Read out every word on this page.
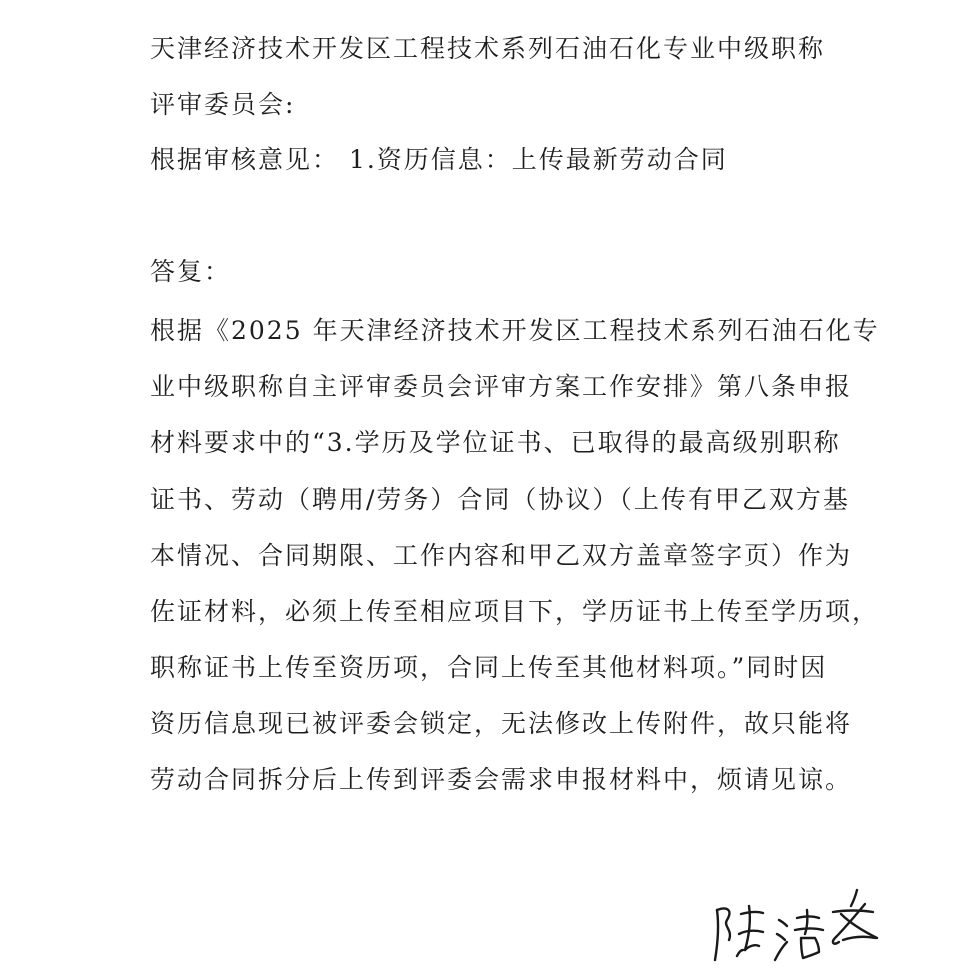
天津经济技术开发区工程技术系列石油石化专业中级职称
评审委员会:
根据审核意见： 1.资历信息：上传最新劳动合同
答复：
根据《2025 年天津经济技术开发区工程技术系列石油石化专
业中级职称自主评审委员会评审方案工作安排》第八条申报
材料要求中的“3.学历及学位证书、已取得的最高级别职称
证书、劳动（聘用/劳务）合同（协议）（上传有甲乙双方基
本情况、合同期限、工作内容和甲乙双方盖章签字页）作为
佐证材料，必须上传至相应项目下，学历证书上传至学历项，
职称证书上传至资历项，合同上传至其他材料项。”同时因
资历信息现已被评委会锁定，无法修改上传附件，故只能将
劳动合同拆分后上传到评委会需求申报材料中，烦请见谅。
